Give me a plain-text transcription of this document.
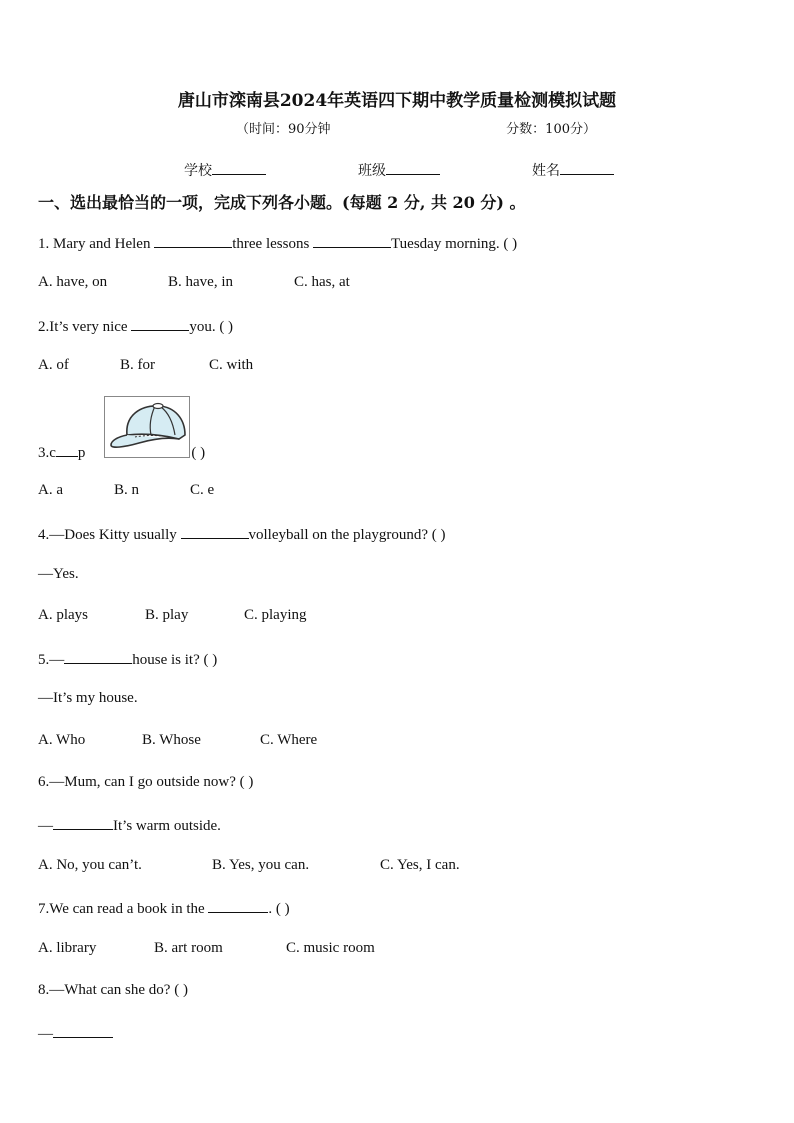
唐山市滦南县2024年英语四下期中教学质量检测模拟试题
（时间：90分钟	分数：100分）
学校	班级	姓名
一、选出最恰当的一项，完成下列各小题。(每题 2 分, 共 20 分) 。
1. Mary and Helen	three lessons	Tuesday morning. ( )
A. have, on	B. have, in	C. has, at
2.It’s very nice	you. ( )
A. of	B. for	C. with
3.c p	( )
A. a	B. n	C. e
4.—Does Kitty usually	volleyball on the playground? ( )
—Yes.
A. plays	B. play	C. playing
5.—	house is it? ( )
—It’s my house.
A. Who	B. Whose	C. Where
6.—Mum, can I go outside now? ( )
—	It’s warm outside.
A. No, you can’t.	B. Yes, you can.	C. Yes, I can.
7.We can read a book in the	. ( )
A. library	B. art room	C. music room
8.—What can she do? ( )
—
